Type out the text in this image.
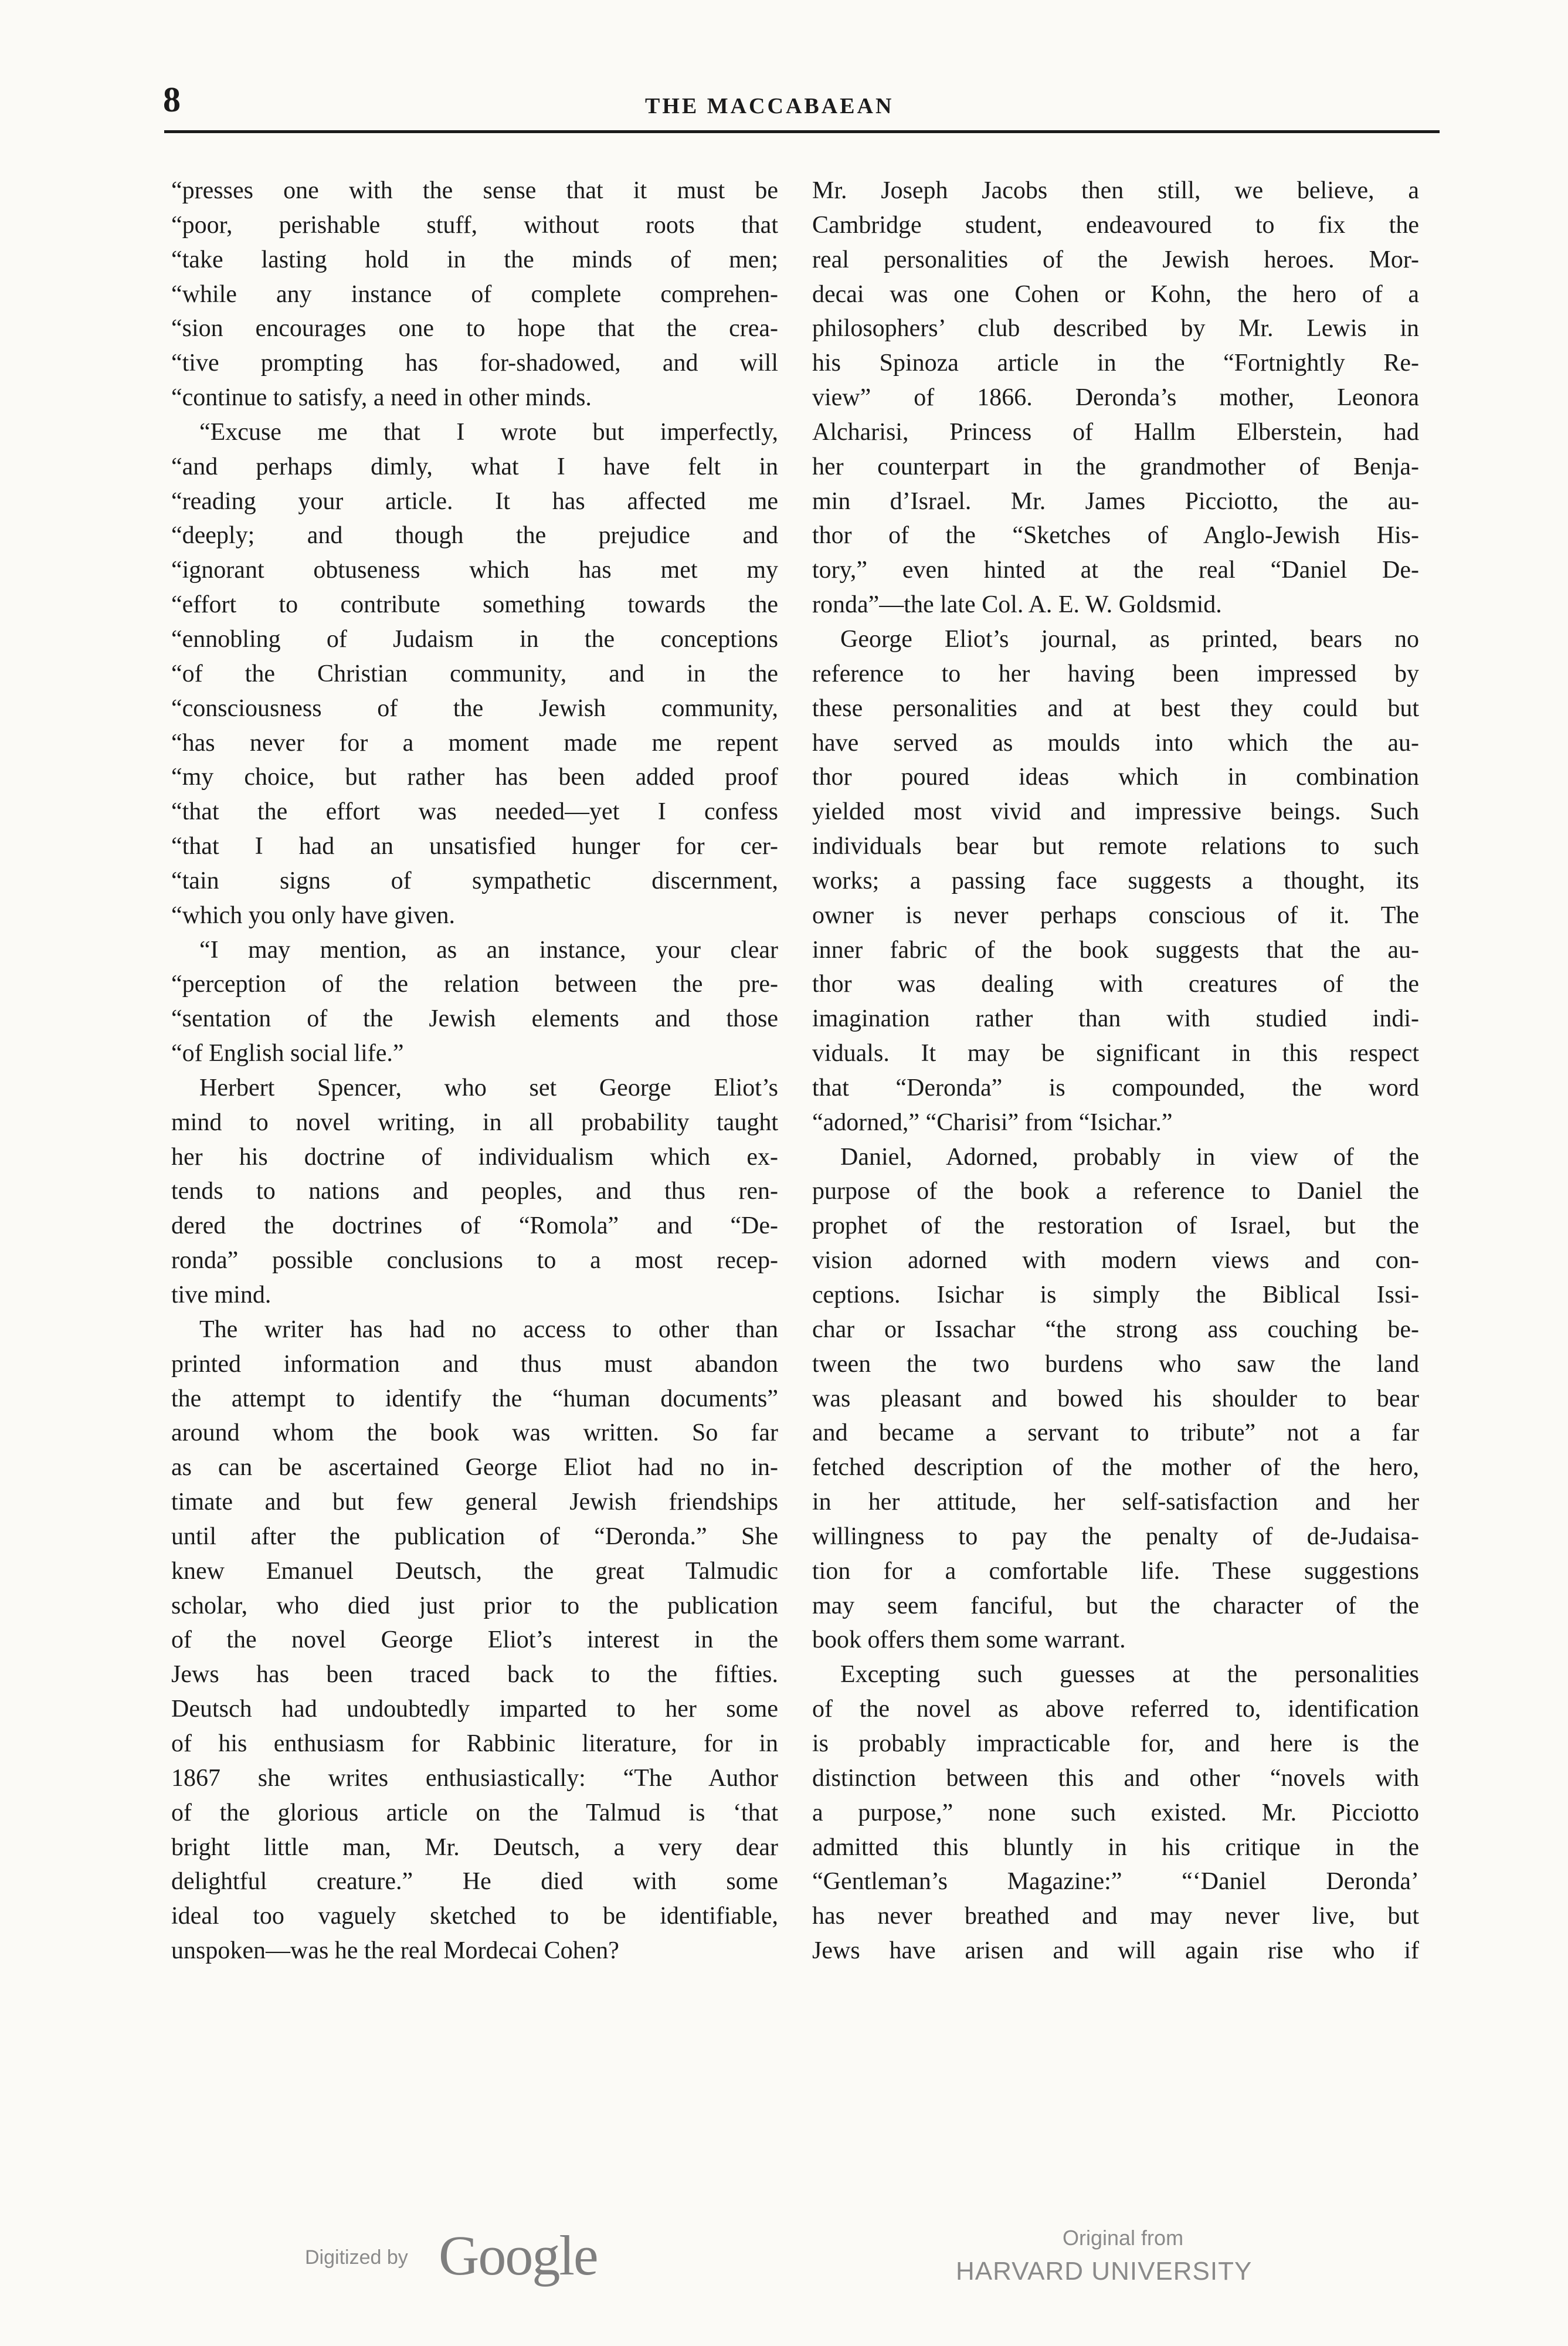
8	THE MACCABAEAN
“presses one with the sense that it must be
“poor, perishable stuff, without roots that
“take lasting hold in the minds of men;
“while any instance of complete comprehen-
“sion encourages one to hope that the crea-
“tive prompting has for-shadowed, and will
“continue to satisfy, a need in other minds.
“Excuse me that I wrote but imperfectly,
“and perhaps dimly, what I have felt in
“reading your article. It has affected me
“deeply; and though the prejudice and
“ignorant obtuseness which has met my
“effort to contribute something towards the
“ennobling of Judaism in the conceptions
“of the Christian community, and in the
“consciousness of the Jewish community,
“has never for a moment made me repent
“my choice, but rather has been added proof
“that the effort was needed—yet I confess
“that I had an unsatisfied hunger for cer-
“tain signs of sympathetic discernment,
“which you only have given.
“I may mention, as an instance, your clear
“perception of the relation between the pre-
“sentation of the Jewish elements and those
“of English social life.”
Herbert Spencer, who set George Eliot’s
mind to novel writing, in all probability taught
her his doctrine of individualism which ex-
tends to nations and peoples, and thus ren-
dered the doctrines of “Romola” and “De-
ronda” possible conclusions to a most recep-
tive mind.
The writer has had no access to other than
printed information and thus must abandon
the attempt to identify the “human documents”
around whom the book was written. So far
as can be ascertained George Eliot had no in-
timate and but few general Jewish friendships
until after the publication of “Deronda.” She
knew Emanuel Deutsch, the great Talmudic
scholar, who died just prior to the publication
of the novel George Eliot’s interest in the
Jews has been traced back to the fifties.
Deutsch had undoubtedly imparted to her some
of his enthusiasm for Rabbinic literature, for in
1867 she writes enthusiastically: “The Author
of the glorious article on the Talmud is ‘that
bright little man, Mr. Deutsch, a very dear
delightful creature.” He died with some
ideal too vaguely sketched to be identifiable,
unspoken—was he the real Mordecai Cohen?
Mr. Joseph Jacobs then still, we believe, a
Cambridge student, endeavoured to fix the
real personalities of the Jewish heroes. Mor-
decai was one Cohen or Kohn, the hero of a
philosophers’ club described by Mr. Lewis in
his Spinoza article in the “Fortnightly Re-
view” of 1866. Deronda’s mother, Leonora
Alcharisi, Princess of Hallm Elberstein, had
her counterpart in the grandmother of Benja-
min d’Israel. Mr. James Picciotto, the au-
thor of the “Sketches of Anglo-Jewish His-
tory,” even hinted at the real “Daniel De-
ronda”—the late Col. A. E. W. Goldsmid.
George Eliot’s journal, as printed, bears no
reference to her having been impressed by
these personalities and at best they could but
have served as moulds into which the au-
thor poured ideas which in combination
yielded most vivid and impressive beings. Such
individuals bear but remote relations to such
works; a passing face suggests a thought, its
owner is never perhaps conscious of it. The
inner fabric of the book suggests that the au-
thor was dealing with creatures of the
imagination rather than with studied indi-
viduals. It may be significant in this respect
that “Deronda” is compounded, the word
“adorned,” “Charisi” from “Isichar.”
Daniel, Adorned, probably in view of the
purpose of the book a reference to Daniel the
prophet of the restoration of Israel, but the
vision adorned with modern views and con-
ceptions. Isichar is simply the Biblical Issi-
char or Issachar “the strong ass couching be-
tween the two burdens who saw the land
was pleasant and bowed his shoulder to bear
and became a servant to tribute” not a far
fetched description of the mother of the hero,
in her attitude, her self-satisfaction and her
willingness to pay the penalty of de-Judaisa-
tion for a comfortable life. These suggestions
may seem fanciful, but the character of the
book offers them some warrant.
Excepting such guesses at the personalities
of the novel as above referred to, identification
is probably impracticable for, and here is the
distinction between this and other “novels with
a purpose,” none such existed. Mr. Picciotto
admitted this bluntly in his critique in the
“Gentleman’s Magazine:” “‘Daniel Deronda’
has never breathed and may never live, but
Jews have arisen and will again rise who if
Digitized by Google	Original from
HARVARD UNIVERSITY
